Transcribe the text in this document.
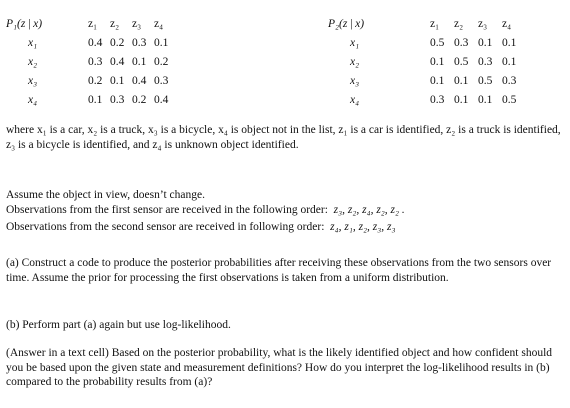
P₁(z | x)	z₁	z₂	z₃	z₄
x₁	0.4	0.2	0.3	0.1
x₂	0.3	0.4	0.1	0.2
x₃	0.2	0.1	0.4	0.3
x₄	0.1	0.3	0.2	0.4
P₂(z | x)	z₁	z₂	z₃	z₄
x₁	0.5	0.3	0.1	0.1
x₂	0.1	0.5	0.3	0.1
x₃	0.1	0.1	0.5	0.3
x₄	0.3	0.1	0.1	0.5

where x₁ is a car, x₂ is a truck, x₃ is a bicycle, x₄ is object not in the list, z₁ is a car is identified, z₂ is a truck is identified, z₃ is a bicycle is identified, and z₄ is unknown object identified.

Assume the object in view, doesn’t change.

Observations from the first sensor are received in the following order: z₃, z₂, z₄, z₂, z₂ .

Observations from the second sensor are received in following order: z₄, z₁, z₂, z₃, z₃

(a) Construct a code to produce the posterior probabilities after receiving these observations from the two sensors over time. Assume the prior for processing the first observations is taken from a uniform distribution.

(b) Perform part (a) again but use log-likelihood.

(Answer in a text cell) Based on the posterior probability, what is the likely identified object and how confident should you be based upon the given state and measurement definitions? How do you interpret the log-likelihood results in (b) compared to the probability results from (a)?
